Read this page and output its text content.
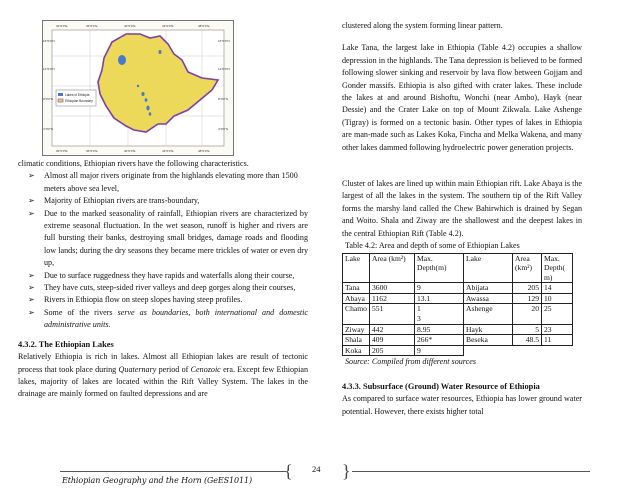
Lakes of Ethiopia
Ethiopian Boundary
32°0'0"E	36°0'0"E	40°0'0"E	44°0'0"E	48°0'0"E
32°0'0"E	36°0'0"E	40°0'0"E	44°0'0"E	48°0'0"E
16°0'0"N
12°0'0"N
8°0'0"N
4°0'0"N
16°0'0"N
12°0'0"N
8°0'0"N
4°0'0"N
climatic conditions, Ethiopian rivers have the following characteristics.
➢ Almost all major rivers originate from the highlands elevating more than 1500 meters above sea level,
➢ Majority of Ethiopian rivers are trans-boundary,
➢ Due to the marked seasonality of rainfall, Ethiopian rivers are characterized by extreme seasonal fluctuation. In the wet season, runoff is higher and rivers are full bursting their banks, destroying small bridges, damage roads and flooding low lands; during the dry seasons they became mere trickles of water or even dry up,
➢ Due to surface ruggedness they have rapids and waterfalls along their course,
➢ They have cuts, steep-sided river valleys and deep gorges along their courses,
➢ Rivers in Ethiopia flow on steep slopes having steep profiles.
➢ Some of the rivers serve as boundaries, both international and domestic administrative units.
4.3.2. The Ethiopian Lakes
Relatively Ethiopia is rich in lakes. Almost all Ethiopian lakes are result of tectonic process that took place during Quaternary period of Cenozoic era. Except few Ethiopian lakes, majority of lakes are located within the Rift Valley System. The lakes in the drainage are mainly formed on faulted depressions and are
clustered along the system forming linear pattern.
Lake Tana, the largest lake in Ethiopia (Table 4.2) occupies a shallow depression in the highlands. The Tana depression is believed to be formed following slower sinking and reservoir by lava flow between Gojjam and Gonder massifs. Ethiopia is also gifted with crater lakes. These include the lakes at and around Bishoftu, Wonchi (near Ambo), Hayk (near Dessie) and the Crater Lake on top of Mount Zikwala. Lake Ashenge (Tigray) is formed on a tectonic basin. Other types of lakes in Ethiopia are man-made such as Lakes Koka, Fincha and Melka Wakena, and many other lakes dammed following hydroelectric power generation projects.
Cluster of lakes are lined up within main Ethiopian rift. Lake Abaya is the largest of all the lakes in the system. The southern tip of the Rift Valley forms the marshy land called the Chew Bahirwhich is drained by Segan and Woito. Shala and Ziway are the shallowest and the deepest lakes in the central Ethiopian Rift (Table 4.2).
Table 4.2: Area and depth of some of Ethiopian Lakes
Lake	Area (km²)	Max. Depth(m)	Lake	Area (km²)	Max. Depth( m)
Tana	3600	9	Abijata	205	14
Abaya	1162	13.1	Awassa	129	10
Chamo	551	1 3	Ashenge	20	25
Ziway	442	8.95	Hayk	5	23
Shala	409	266*	Beseka	48.5	11
Koka	205	9			
Source: Compiled from different sources
4.3.3. Subsurface (Ground) Water Resource of Ethiopia
As compared to surface water resources, Ethiopia has lower ground water potential. However, there exists higher total
{	}
24
Ethiopian Geography and the Horn (GeES1011)
